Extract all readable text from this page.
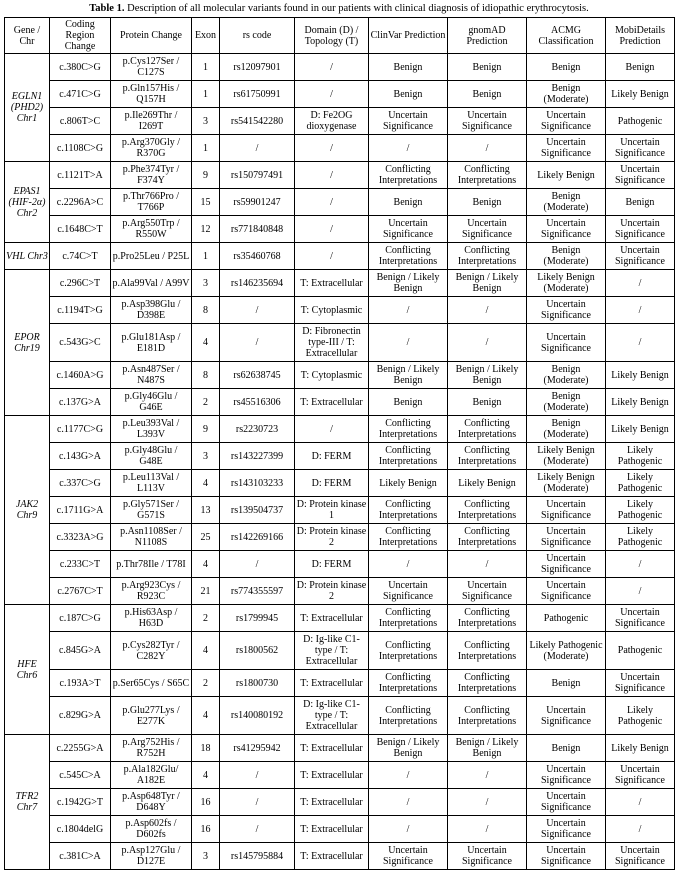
Table 1. Description of all molecular variants found in our patients with clinical diagnosis of idiopathic erythrocytosis.
Gene / Chr	Coding Region Change	Protein Change	Exon	rs code	Domain (D) / Topology (T)	ClinVar Prediction	gnomAD Prediction	ACMG Classification	MobiDetails Prediction
EGLN1 (PHD2) Chr1	c.380C>G	p.Cys127Ser / C127S	1	rs12097901	/	Benign	Benign	Benign	Benign
	c.471C>G	p.Gln157His / Q157H	1	rs61750991	/	Benign	Benign	Benign (Moderate)	Likely Benign
	c.806T>C	p.Ile269Thr / I269T	3	rs541542280	D: Fe2OG dioxygenase	Uncertain Significance	Uncertain Significance	Uncertain Significance	Pathogenic
	c.1108C>G	p.Arg370Gly / R370G	1	/	/	/	/	Uncertain Significance	Uncertain Significance
EPAS1 (HIF-2α) Chr2	c.1121T>A	p.Phe374Tyr / F374Y	9	rs150797491	/	Conflicting Interpretations	Conflicting Interpretations	Likely Benign	Uncertain Significance
	c.2296A>C	p.Thr766Pro / T766P	15	rs59901247	/	Benign	Benign	Benign (Moderate)	Benign
	c.1648C>T	p.Arg550Trp / R550W	12	rs771840848	/	Uncertain Significance	Uncertain Significance	Uncertain Significance	Uncertain Significance
VHL Chr3	c.74C>T	p.Pro25Leu / P25L	1	rs35460768	/	Conflicting Interpretations	Conflicting Interpretations	Benign (Moderate)	Uncertain Significance
EPOR Chr19	c.296C>T	p.Ala99Val / A99V	3	rs146235694	T: Extracellular	Benign / Likely Benign	Benign / Likely Benign	Likely Benign (Moderate)	/
	c.1194T>G	p.Asp398Glu / D398E	8	/	T: Cytoplasmic	/	/	Uncertain Significance	/
	c.543G>C	p.Glu181Asp / E181D	4	/	D: Fibronectin type-III / T: Extracellular	/	/	Uncertain Significance	/
	c.1460A>G	p.Asn487Ser / N487S	8	rs62638745	T: Cytoplasmic	Benign / Likely Benign	Benign / Likely Benign	Benign (Moderate)	Likely Benign
	c.137G>A	p.Gly46Glu / G46E	2	rs45516306	T: Extracellular	Benign	Benign	Benign (Moderate)	Likely Benign
JAK2 Chr9	c.1177C>G	p.Leu393Val / L393V	9	rs2230723	/	Conflicting Interpretations	Conflicting Interpretations	Benign (Moderate)	Likely Benign
	c.143G>A	p.Gly48Glu / G48E	3	rs143227399	D: FERM	Conflicting Interpretations	Conflicting Interpretations	Likely Benign (Moderate)	Likely Pathogenic
	c.337C>G	p.Leu113Val / L113V	4	rs143103233	D: FERM	Likely Benign	Likely Benign	Likely Benign (Moderate)	Likely Pathogenic
	c.1711G>A	p.Gly571Ser / G571S	13	rs139504737	D: Protein kinase 1	Conflicting Interpretations	Conflicting Interpretations	Uncertain Significance	Likely Pathogenic
	c.3323A>G	p.Asn1108Ser / N1108S	25	rs142269166	D: Protein kinase 2	Conflicting Interpretations	Conflicting Interpretations	Uncertain Significance	Likely Pathogenic
	c.233C>T	p.Thr78Ile / T78I	4	/	D: FERM	/	/	Uncertain Significance	/
	c.2767C>T	p.Arg923Cys / R923C	21	rs774355597	D: Protein kinase 2	Uncertain Significance	Uncertain Significance	Uncertain Significance	/
HFE Chr6	c.187C>G	p.His63Asp / H63D	2	rs1799945	T: Extracellular	Conflicting Interpretations	Conflicting Interpretations	Pathogenic	Uncertain Significance
	c.845G>A	p.Cys282Tyr / C282Y	4	rs1800562	D: Ig-like C1-type / T: Extracellular	Conflicting Interpretations	Conflicting Interpretations	Likely Pathogenic (Moderate)	Pathogenic
	c.193A>T	p.Ser65Cys / S65C	2	rs1800730	T: Extracellular	Conflicting Interpretations	Conflicting Interpretations	Benign	Uncertain Significance
	c.829G>A	p.Glu277Lys / E277K	4	rs140080192	D: Ig-like C1-type / T: Extracellular	Conflicting Interpretations	Conflicting Interpretations	Uncertain Significance	Likely Pathogenic
TFR2 Chr7	c.2255G>A	p.Arg752His / R752H	18	rs41295942	T: Extracellular	Benign / Likely Benign	Benign / Likely Benign	Benign	Likely Benign
	c.545C>A	p.Ala182Glu/ A182E	4	/	T: Extracellular	/	/	Uncertain Significance	Uncertain Significance
	c.1942G>T	p.Asp648Tyr / D648Y	16	/	T: Extracellular	/	/	Uncertain Significance	/
	c.1804delG	p.Asp602fs / D602fs	16	/	T: Extracellular	/	/	Uncertain Significance	/
	c.381C>A	p.Asp127Glu / D127E	3	rs145795884	T: Extracellular	Uncertain Significance	Uncertain Significance	Uncertain Significance	Uncertain Significance
